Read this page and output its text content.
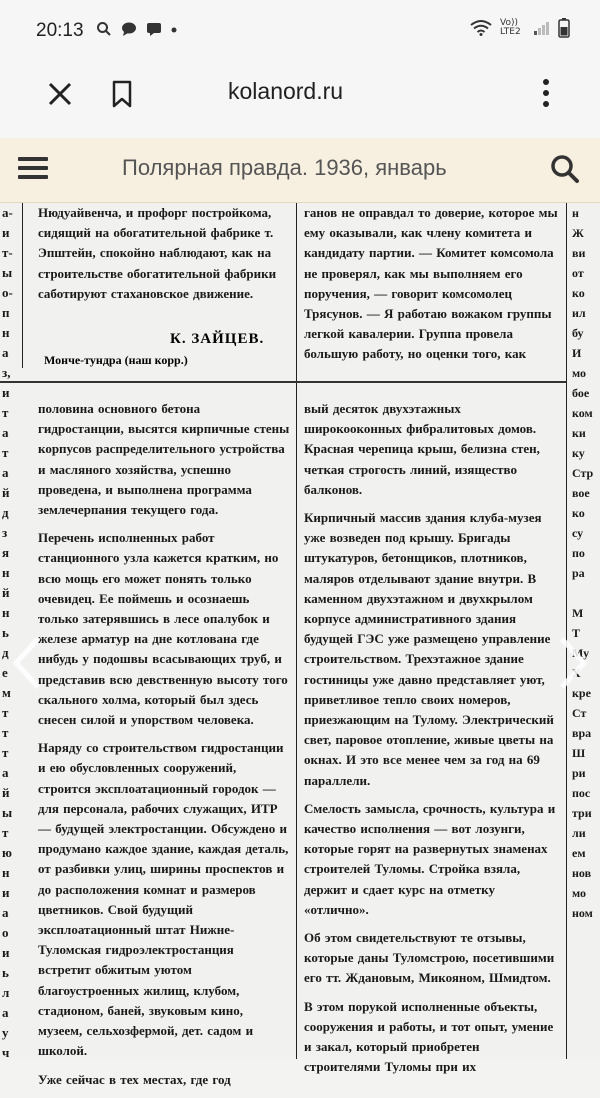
20:13
	Vo)) LTE2
kolanord.ru
Полярная правда. 1936, январь
а-
и
т-
ы
о-
п
н
а
з,
и
т
а
т
а
й
д
з
я
н
й
н
ь
д
е
м
т
т
т
а
й
ы
т
ю
н
и
а
о
и
ь
л
а
у
ч
Нюдуайвенча, и профорг постройкома, сидящий на обогатительной фабрике т. Эпштейн, спокойно наблюдают, как на строительстве обогатительной фабрики саботируют стахановское движение.
К. ЗАЙЦЕВ.
Монче-тундра (наш корр.)
ганов не оправдал то доверие, которое мы ему оказывали, как члену комитета и кандидату партии. — Комитет комсомола не проверял, как мы выполняем его поручения, — говорит комсомолец Трясунов. — Я работаю вожаком группы легкой кавалерии. Группа провела большую работу, но оценки того, как

половина основного бетона гидростанции, высятся кирпичные стены корпусов распределительного устройства и масляного хозяйства, успешно проведена, и выполнена программа землечерпания текущего года.

Перечень исполненных работ станционного узла кажется кратким, но всю мощь его может понять только очевидец. Ее поймешь и осознаешь только затерявшись в лесе опалубок и железе арматур на дне котлована где нибудь у подошвы всасывающих труб, и представив всю девственную высоту того скального холма, который был здесь снесен силой и упорством человека.

Наряду со строительством гидростанции и ею обусловленных сооружений, строится эксплоатационный городок — для персонала, рабочих служащих, ИТР — будущей электростанции. Обсуждено и продумано каждое здание, каждая деталь, от разбивки улиц, ширины проспектов и до расположения комнат и размеров цветников. Свой будущий эксплоатационный штат Нижне-Туломская гидроэлектростанция встретит обжитым уютом благоустроенных жилищ, клубом, стадионом, баней, звуковым кино, музеем, сельхозфермой, дет. садом и школой.

Уже сейчас в тех местах, где год

вый десяток двухэтажных широкооконных фибралитовых домов. Красная черепица крыш, белизна стен, четкая строгость линий, изящество балконов.

Кирпичный массив здания клуба-музея уже возведен под крышу. Бригады штукатуров, бетонщиков, плотников, маляров отделывают здание внутри. В каменном двухэтажном и двухкрылом корпусе административного здания будущей ГЭС уже размещено управление строительством. Трехэтажное здание гостиницы уже давно представляет уют, приветливое тепло своих номеров, приезжающим на Тулому. Электрический свет, паровое отопление, живые цветы на окнах. И это все менее чем за год на 69 параллели.

Смелость замысла, срочность, культура и качество исполнения — вот лозунги, которые горят на развернутых знаменах строителей Туломы. Стройка взяла, держит и сдает курс на отметку «отлично».

Об этом свидетельствуют те отзывы, которые даны Туломстрою, посетившими его тт. Ждановым, Микояном, Шмидтом.

В этом порукой исполненные объекты, сооружения и работы, и тот опыт, умение и закал, который приобретен строителями Туломы при их

н
Ж
ви
от
ко
ил
бу
И
мо
бое
ком
ки
ку
Стр
вое
ко
су
по
ра

М
Т
Му
Х
кре
Ст
вра
Ш
ри
пос
три
ли
ем
нов
мо
ном
